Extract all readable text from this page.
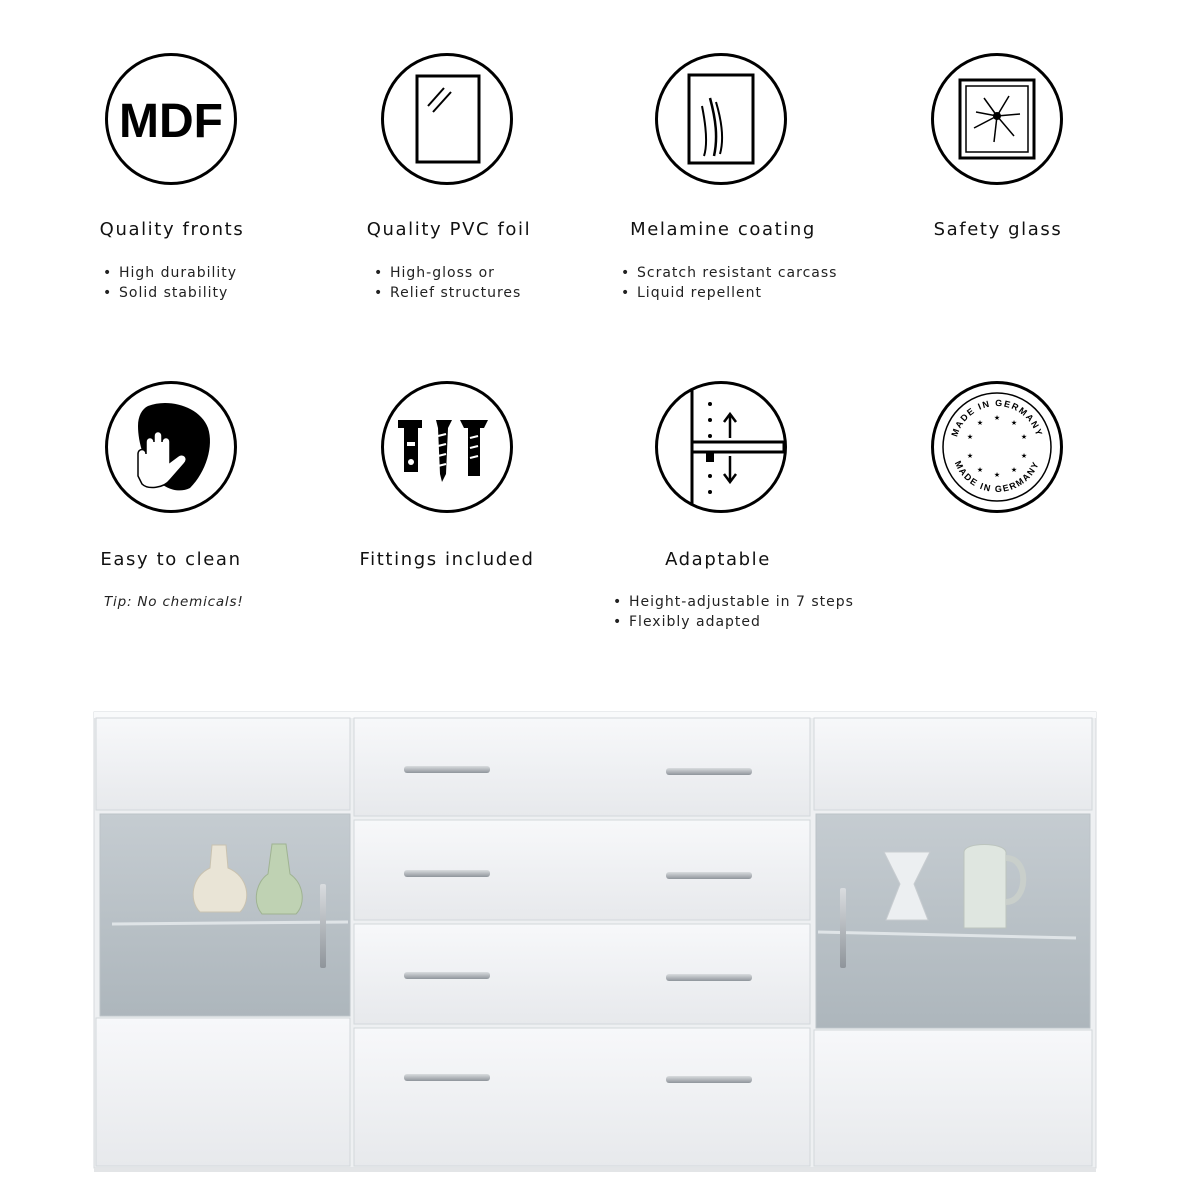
MDF
Quality fronts	Quality PVC foil	Melamine coating	Safety glass
• High durability
• Solid stability
• High-gloss or
• Relief structures
• Scratch resistant carcass
• Liquid repellent
MADE IN GERMANY
MADE IN GERMANY
★
★
★
★
★
★
★
★
★
★
Easy to clean	Fittings included	Adaptable
Tip: No chemicals!
•	Height-adjustable in 7 steps
• Flexibly adapted
